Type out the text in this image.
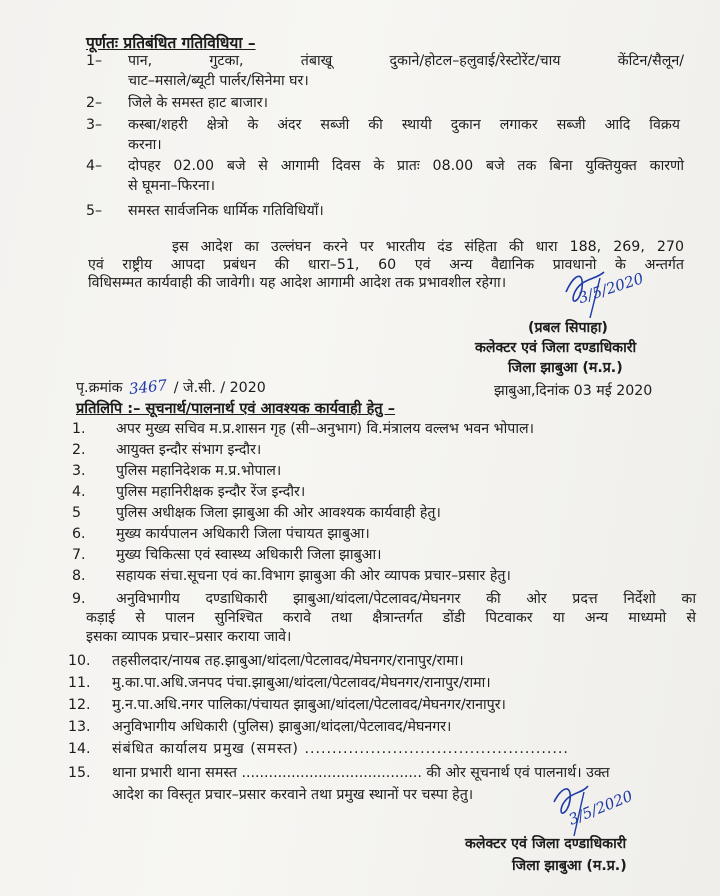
पूर्णतः प्रतिबंधित गतिविधिया –
1–	पान, गुटका, तंबाखू दुकाने/होटल–हलुवाई/रेस्टोरेंट/चाय केंटिन/सैलून/
चाट–मसाले/ब्यूटी पार्लर/सिनेमा घर।
2–	जिले के समस्त हाट बाजार।
3–	कस्बा/शहरी क्षेत्रो के अंदर सब्जी की स्थायी दुकान लगाकर सब्जी आदि विक्रय
करना।
4–	दोपहर 02.00 बजे से आगामी दिवस के प्रातः 08.00 बजे तक बिना युक्तियुक्त कारणो
से घूमना–फिरना।
5–	समस्त सार्वजनिक धार्मिक गतिविधियॉं।
इस आदेश का उल्लंघन करने पर भारतीय दंड संहिता की धारा 188, 269, 270
एवं राष्ट्रीय आपदा प्रबंधन की धारा–51, 60 एवं अन्य वैद्यानिक प्रावधानो के अन्तर्गत
विधिसम्मत कार्यवाही की जावेगी। यह आदेश आगामी आदेश तक प्रभावशील रहेगा।	3/5/2020
(प्रबल सिपाहा)
कलेक्टर एवं जिला दण्डाधिकारी
जिला झाबुआ (म.प्र.)
पृ.क्रमांक 3467 / जे.सी. / 2020	झाबुआ,दिनांक 03 मई 2020
प्रतिलिपि :– सूचनार्थ/पालनार्थ एवं आवश्यक कार्यवाही हेतु –
1.	अपर मुख्य सचिव म.प्र.शासन गृह (सी–अनुभाग) वि.मंत्रालय वल्लभ भवन भोपाल।
2.	आयुक्त इन्दौर संभाग इन्दौर।
3.	पुलिस महानिदेशक म.प्र.भोपाल।
4.	पुलिस महानिरीक्षक इन्दौर रेंज इन्दौर।
5	पुलिस अधीक्षक जिला झाबुआ की ओर आवश्यक कार्यवाही हेतु।
6.	मुख्य कार्यपालन अधिकारी जिला पंचायत झाबुआ।
7.	मुख्य चिकित्सा एवं स्वास्थ्य अधिकारी जिला झाबुआ।
8.	सहायक संचा.सूचना एवं का.विभाग झाबुआ की ओर व्यापक प्रचार–प्रसार हेतु।
9.	अनुविभागीय दण्डाधिकारी झाबुआ/थांदला/पेटलावद/मेघनगर की ओर प्रदत्त निर्देशो का
कड़ाई से पालन सुनिश्चित करावे तथा क्षैत्रान्तर्गत डोंडी पिटवाकर या अन्य माध्यमो से
इसका व्यापक प्रचार–प्रसार कराया जावे।
10.	तहसीलदार/नायब तह.झाबुआ/थांदला/पेटलावद/मेघनगर/रानापुर/रामा।
11.	मु.का.पा.अधि.जनपद पंचा.झाबुआ/थांदला/पेटलावद/मेघनगर/रानापुर/रामा।
12.	मु.न.पा.अधि.नगर पालिका/पंचायत झाबुआ/थांदला/पेटलावद/मेघनगर/रानापुर।
13.	अनुविभागीय अधिकारी (पुलिस) झाबुआ/थांदला/पेटलावद/मेघनगर।
14.	संबंधित कार्यालय प्रमुख (समस्त) ................................................
15.	थाना प्रभारी थाना समस्त ........................................ की ओर सूचनार्थ एवं पालनार्थ। उक्त
आदेश का विस्तृत प्रचार–प्रसार करवाने तथा प्रमुख स्थानों पर चस्पा हेतु।	3/5/2020
कलेक्टर एवं जिला दण्डाधिकारी
जिला झाबुआ (म.प्र.)
